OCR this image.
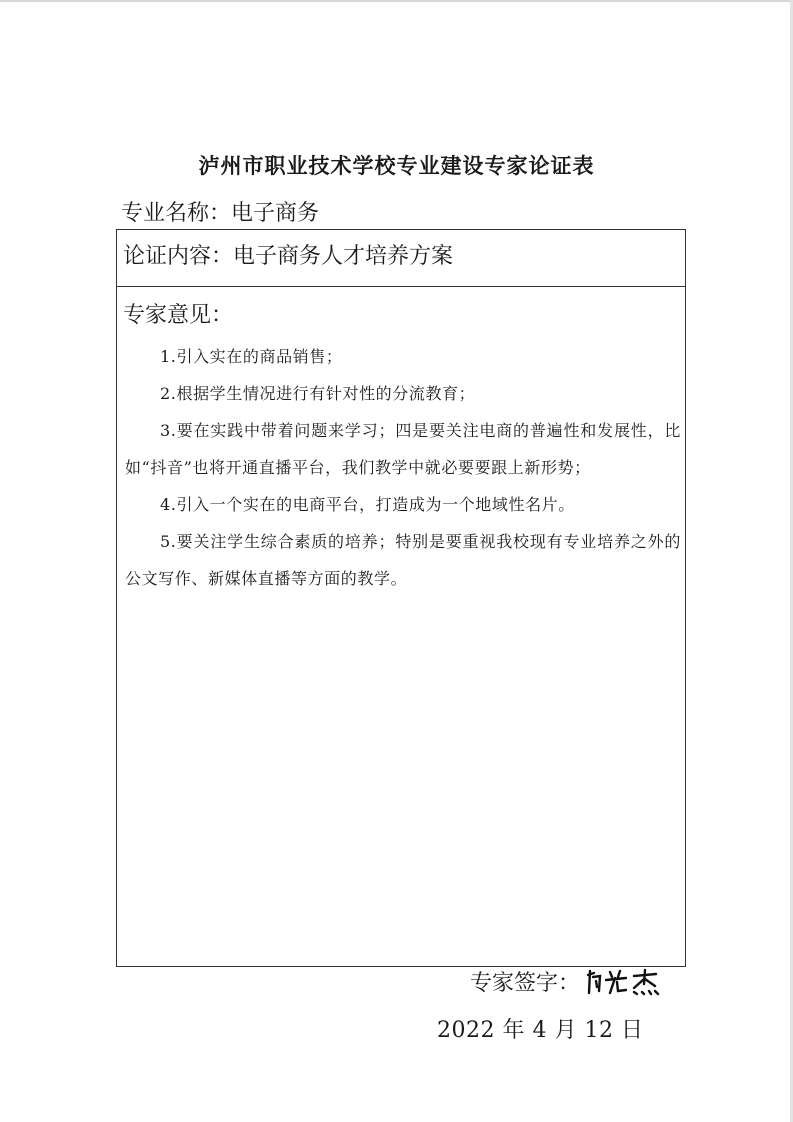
泸州市职业技术学校专业建设专家论证表
专业名称：电子商务
论证内容：电子商务人才培养方案
专家意见：

1.引入实在的商品销售；

2.根据学生情况进行有针对性的分流教育；

3.要在实践中带着问题来学习；四是要关注电商的普遍性和发展性，比如“抖音”也将开通直播平台，我们教学中就必要要跟上新形势；

4.引入一个实在的电商平台，打造成为一个地域性名片。

5.要关注学生综合素质的培养；特别是要重视我校现有专业培养之外的公文写作、新媒体直播等方面的教学。

专家签字：
2022 年 4 月 12 日
